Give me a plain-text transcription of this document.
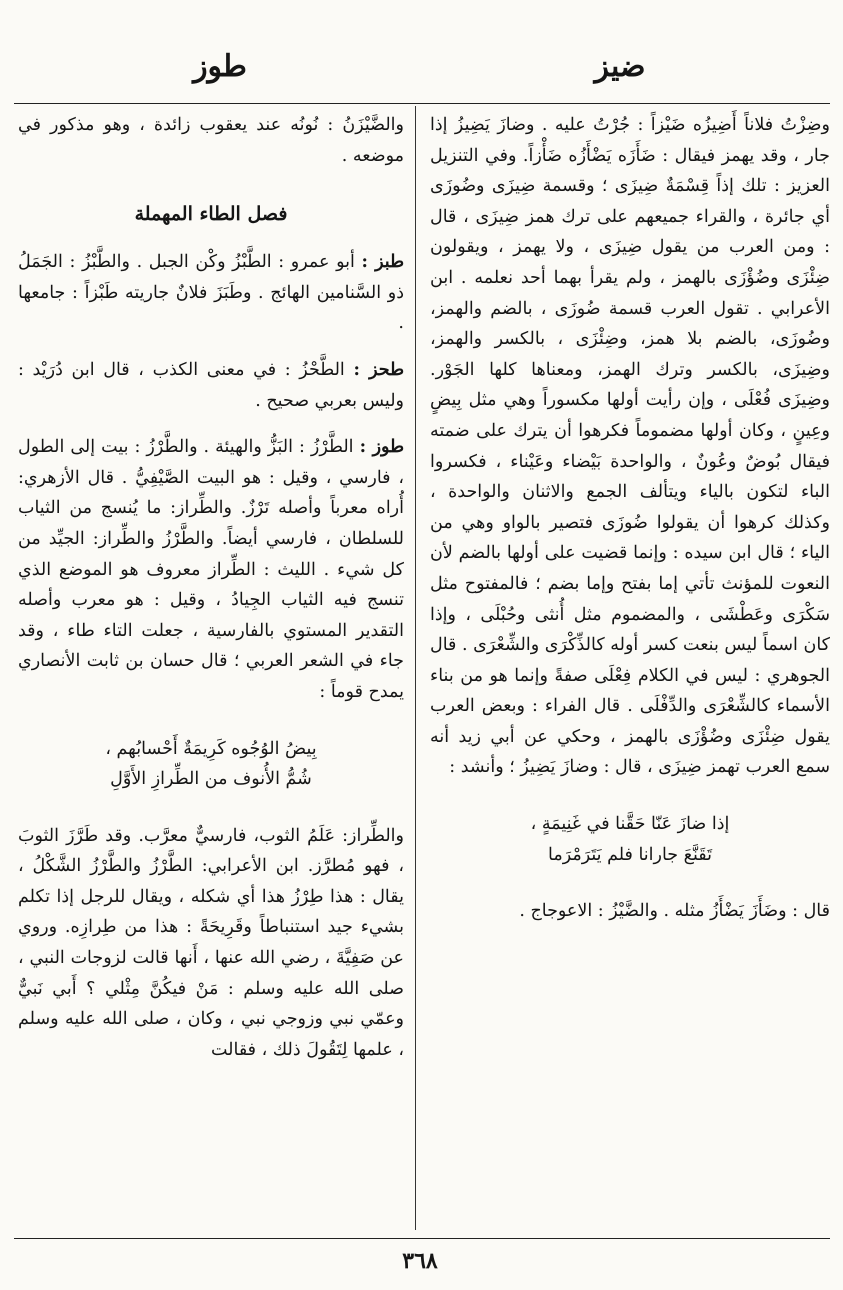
ضيز
طوز

وضِزْتُ فلاناً أَضِيزُه ضَيْزاً : جُرْتُ عليه . وضازَ يَضِيزُ إذا جار ، وقد يهمز فيقال : ضَأَزَه يَضْأَزُه ضَأْزاً. وفي التنزيل العزيز : تلك إذاً قِسْمَةٌ ضِيزَى ؛ وقسمة ضِيزَى وضُوزَى أي جائرة ، والقراء جميعهم على ترك همز ضِيزَى ، قال : ومن العرب من يقول ضِيزَى ، ولا يهمز ، ويقولون ضِئْزَى وضُؤْزَى بالهمز ، ولم يقرأ بهما أحد نعلمه . ابن الأعرابي . تقول العرب قسمة ضُوزَى ، بالضم والهمز، وضُوزَى، بالضم بلا همز، وضِئْزَى ، بالكسر والهمز، وضِيزَى، بالكسر وترك الهمز، ومعناها كلها الجَوْر. وضِيزَى فُعْلَى ، وإن رأيت أولها مكسوراً وهي مثل بِيضٍ وعِينٍ ، وكان أولها مضموماً فكرهوا أن يترك على ضمته فيقال بُوضٌ وعُونٌ ، والواحدة بَيْضاء وعَيْناء ، فكسروا الباء لتكون بالياء ويتألف الجمع والاثنان والواحدة ، وكذلك كرهوا أن يقولوا ضُوزَى فتصير بالواو وهي من الياء ؛ قال ابن سيده : وإنما قضيت على أولها بالضم لأن النعوت للمؤنث تأتي إما بفتح وإما بضم ؛ فالمفتوح مثل سَكْرَى وعَطْشَى ، والمضموم مثل أُنثى وحُبْلَى ، وإذا كان اسماً ليس بنعت كسر أوله كالذِّكْرَى والشِّعْرَى . قال الجوهري : ليس في الكلام فِعْلَى صفةً وإنما هو من بناء الأسماء كالشِّعْرَى والدِّفْلَى . قال الفراء : وبعض العرب يقول ضِئْزَى وضُؤْزَى بالهمز ، وحكي عن أبي زيد أنه سمع العرب تهمز ضِيزَى ، قال : وضازَ يَضِيزُ ؛ وأنشد :

إذا ضازَ عَنّا حَقَّنا في غَنِيمَةٍ ،

تَقَنَّعَ جارانا فلم يَتَرَمْرَما

قال : وضَأَزَ يَضْأَزُ مثله . والضَّيْزُ : الاعوجاج .

والضَّيْزَنُ : نُونُه عند يعقوب زائدة ، وهو مذكور في موضعه .

فصل الطاء المهملة

طبز : أبو عمرو : الطَّبْزُ وكْن الجبل . والطَّبْزُ : الجَمَلُ ذو السَّنامين الهائج . وطَبَزَ فلانٌ جاريته طَبْزاً : جامعها .

طحز : الطَّحْزُ : في معنى الكذب ، قال ابن دُرَيْد : وليس بعربي صحيح .

طوز : الطَّرْزُ : البَزُّ والهيئة . والطَّرْزُ : بيت إلى الطول ، فارسي ، وقيل : هو البيت الصَّيْفِيُّ . قال الأزهري: أُراه معرباً وأصله تَرْزٌ. والطِّراز: ما يُنسج من الثياب للسلطان ، فارسي أيضاً. والطَّرْزُ والطِّراز: الجيِّد من كل شيء . الليث : الطِّراز معروف هو الموضع الذي تنسج فيه الثياب الجِيادُ ، وقيل : هو معرب وأصله التقدير المستوي بالفارسية ، جعلت التاء طاء ، وقد جاء في الشعر العربي ؛ قال حسان بن ثابت الأنصاري يمدح قوماً :

بِيضُ الوُجُوه كَرِيمَةٌ أَحْسابُهم ،

شُمُّ الأُنوف من الطِّرازِ الأَوَّلِ

والطِّراز: عَلَمُ الثوب، فارسيٌّ معرَّب. وقد طَرَّزَ الثوبَ ، فهو مُطرَّز. ابن الأعرابي: الطَّرْزُ والطَّرْزُ الشَّكْلُ ، يقال : هذا طِرْزُ هذا أي شكله ، ويقال للرجل إذا تكلم بشيء جيد استنباطاً وقَرِيحَةً : هذا من طِرازِه. وروي عن صَفِيَّةَ ، رضي الله عنها ، أَنها قالت لزوجات النبي ، صلى الله عليه وسلم : مَنْ فيكُنَّ مِثْلي ؟ أَبي نَبيٌّ وعمّي نبي وزوجي نبي ، وكان ، صلى الله عليه وسلم ، علمها لِتَقُولَ ذلك ، فقالت

٣٦٨
